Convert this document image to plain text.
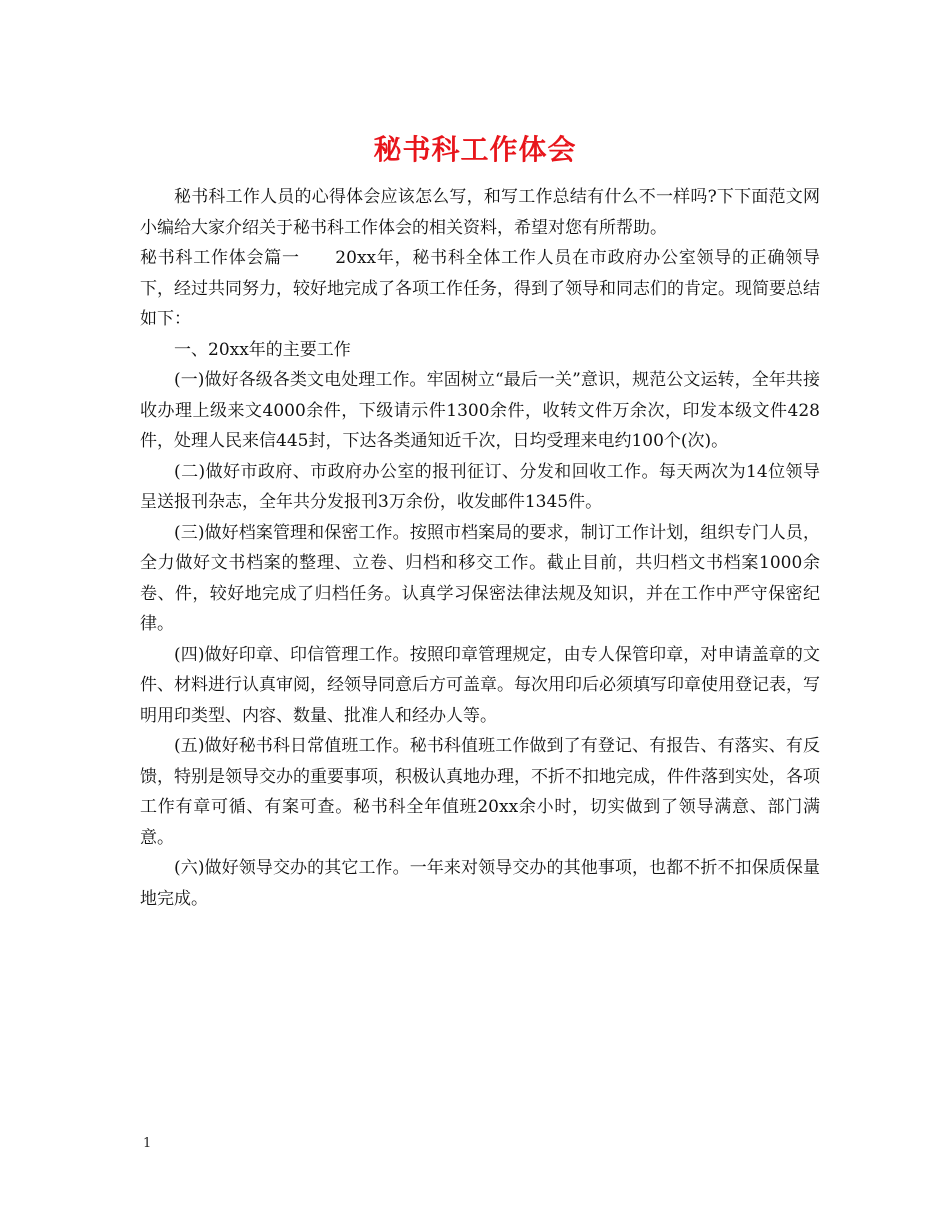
秘书科工作体会

秘书科工作人员的心得体会应该怎么写，和写工作总结有什么不一样吗?下下面范文网小编给大家介绍关于秘书科工作体会的相关资料，希望对您有所帮助。

秘书科工作体会篇一　　20xx年，秘书科全体工作人员在市政府办公室领导的正确领导下，经过共同努力，较好地完成了各项工作任务，得到了领导和同志们的肯定。现简要总结如下：

一、20xx年的主要工作

(一)做好各级各类文电处理工作。牢固树立“最后一关”意识，规范公文运转，全年共接收办理上级来文4000余件，下级请示件1300余件，收转文件万余次，印发本级文件428件，处理人民来信445封，下达各类通知近千次，日均受理来电约100个(次)。

(二)做好市政府、市政府办公室的报刊征订、分发和回收工作。每天两次为14位领导呈送报刊杂志，全年共分发报刊3万余份，收发邮件1345件。

(三)做好档案管理和保密工作。按照市档案局的要求，制订工作计划，组织专门人员，全力做好文书档案的整理、立卷、归档和移交工作。截止目前，共归档文书档案1000余卷、件，较好地完成了归档任务。认真学习保密法律法规及知识，并在工作中严守保密纪律。

(四)做好印章、印信管理工作。按照印章管理规定，由专人保管印章，对申请盖章的文件、材料进行认真审阅，经领导同意后方可盖章。每次用印后必须填写印章使用登记表，写明用印类型、内容、数量、批准人和经办人等。

(五)做好秘书科日常值班工作。秘书科值班工作做到了有登记、有报告、有落实、有反馈，特别是领导交办的重要事项，积极认真地办理，不折不扣地完成，件件落到实处，各项工作有章可循、有案可查。秘书科全年值班20xx余小时，切实做到了领导满意、部门满意。

(六)做好领导交办的其它工作。一年来对领导交办的其他事项，也都不折不扣保质保量地完成。

1
